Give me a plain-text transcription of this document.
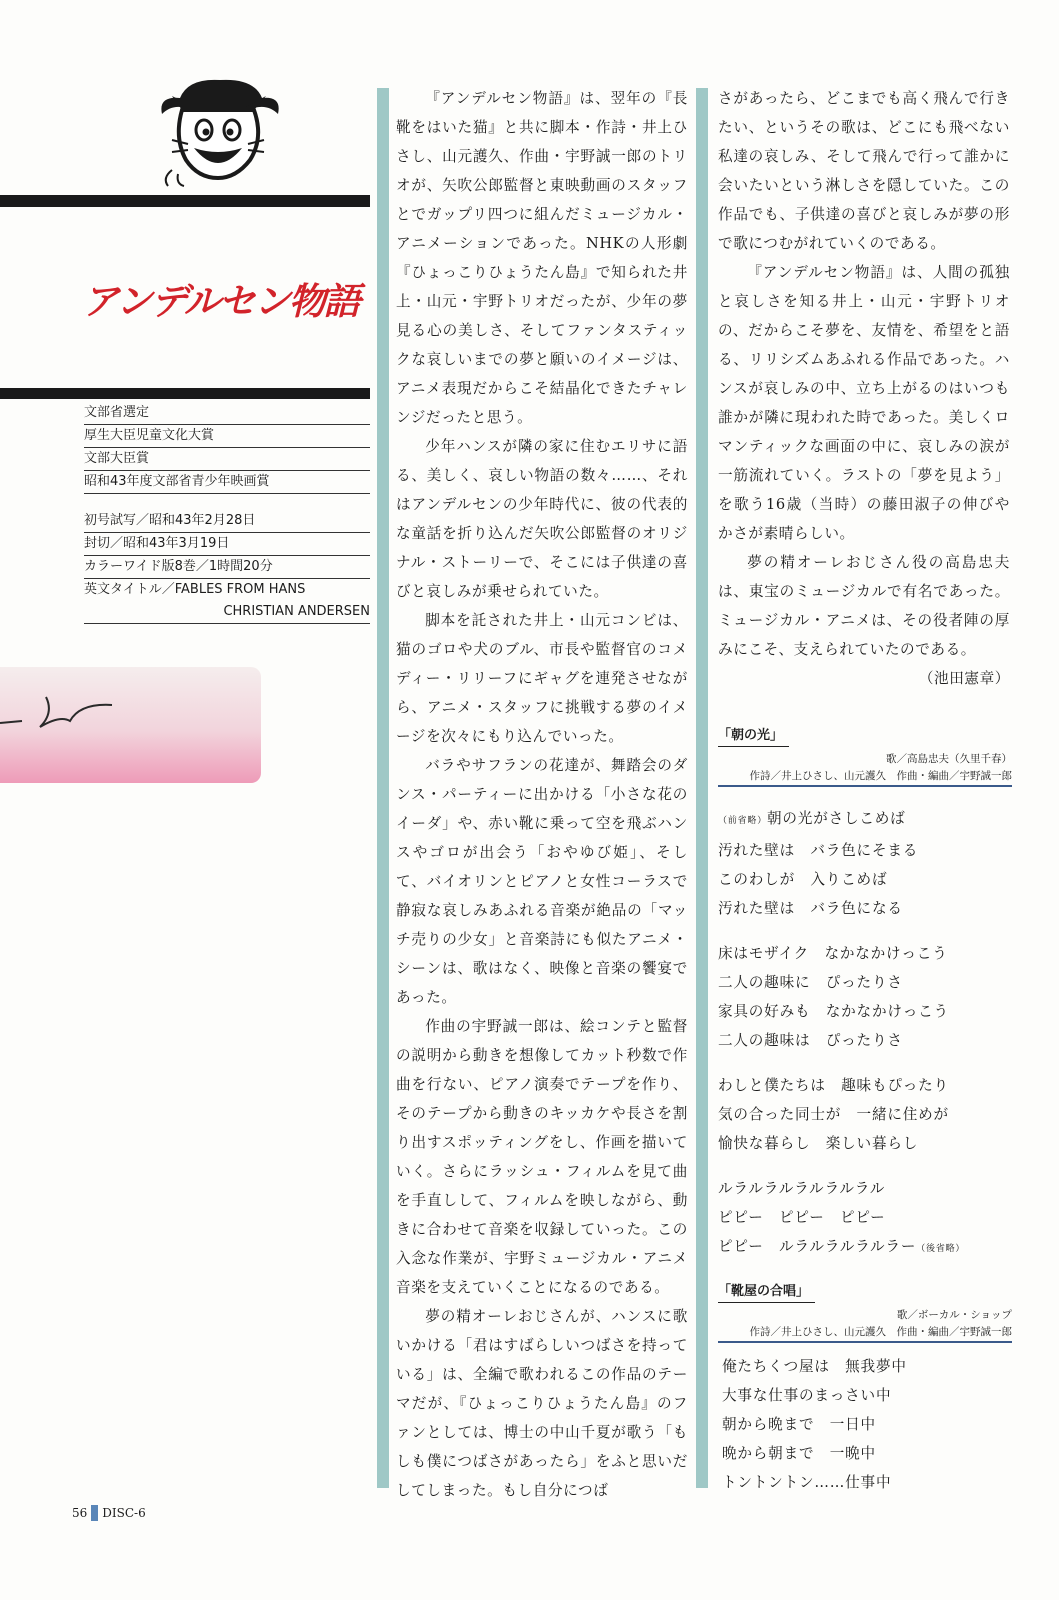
アンデルセン物語
文部省選定
厚生大臣児童文化大賞
文部大臣賞
昭和43年度文部省青少年映画賞
初号試写／昭和43年2月28日
封切／昭和43年3月19日
カラーワイド版8巻／1時間20分
英文タイトル／FABLES FROM HANS
CHRISTIAN ANDERSEN

『アンデルセン物語』は、翌年の『長靴をはいた猫』と共に脚本・作詩・井上ひさし、山元護久、作曲・宇野誠一郎のトリオが、矢吹公郎監督と東映動画のスタッフとでガップリ四つに組んだミュージカル・アニメーションであった。NHKの人形劇『ひょっこりひょうたん島』で知られた井上・山元・宇野トリオだったが、少年の夢見る心の美しさ、そしてファンタスティックな哀しいまでの夢と願いのイメージは、アニメ表現だからこそ結晶化できたチャレンジだったと思う。

少年ハンスが隣の家に住むエリサに語る、美しく、哀しい物語の数々……、それはアンデルセンの少年時代に、彼の代表的な童話を折り込んだ矢吹公郎監督のオリジナル・ストーリーで、そこには子供達の喜びと哀しみが乗せられていた。

脚本を託された井上・山元コンビは、猫のゴロや犬のブル、市長や監督官のコメディー・リリーフにギャグを連発させながら、アニメ・スタッフに挑戦する夢のイメージを次々にもり込んでいった。

バラやサフランの花達が、舞踏会のダンス・パーティーに出かける「小さな花のイーダ」や、赤い靴に乗って空を飛ぶハンスやゴロが出会う「おやゆび姫」、そして、バイオリンとピアノと女性コーラスで静寂な哀しみあふれる音楽が絶品の「マッチ売りの少女」と音楽詩にも似たアニメ・シーンは、歌はなく、映像と音楽の饗宴であった。

作曲の宇野誠一郎は、絵コンテと監督の説明から動きを想像してカット秒数で作曲を行ない、ピアノ演奏でテープを作り、そのテープから動きのキッカケや長さを割り出すスポッティングをし、作画を描いていく。さらにラッシュ・フィルムを見て曲を手直しして、フィルムを映しながら、動きに合わせて音楽を収録していった。この入念な作業が、宇野ミュージカル・アニメ音楽を支えていくことになるのである。

夢の精オーレおじさんが、ハンスに歌いかける「君はすばらしいつばさを持っている」は、全編で歌われるこの作品のテーマだが、『ひょっこりひょうたん島』のファンとしては、博士の中山千夏が歌う「もしも僕につばさがあったら」をふと思いだしてしまった。もし自分につば

さがあったら、どこまでも高く飛んで行きたい、というその歌は、どこにも飛べない私達の哀しみ、そして飛んで行って誰かに会いたいという淋しさを隠していた。この作品でも、子供達の喜びと哀しみが夢の形で歌につむがれていくのである。

『アンデルセン物語』は、人間の孤独と哀しさを知る井上・山元・宇野トリオの、だからこそ夢を、友情を、希望をと語る、リリシズムあふれる作品であった。ハンスが哀しみの中、立ち上がるのはいつも誰かが隣に現われた時であった。美しくロマンティックな画面の中に、哀しみの涙が一筋流れていく。ラストの「夢を見よう」を歌う16歳（当時）の藤田淑子の伸びやかさが素晴らしい。

夢の精オーレおじさん役の高島忠夫は、東宝のミュージカルで有名であった。ミュージカル・アニメは、その役者陣の厚みにこそ、支えられていたのである。

（池田憲章）

「朝の光」
歌／高島忠夫（久里千春）
作詩／井上ひさし、山元護久　作曲・編曲／宇野誠一郎
（前省略）朝の光がさしこめば
汚れた壁は　バラ色にそまる
このわしが　入りこめば
汚れた壁は　バラ色になる
床はモザイク　なかなかけっこう
二人の趣味に　ぴったりさ
家具の好みも　なかなかけっこう
二人の趣味は　ぴったりさ
わしと僕たちは　趣味もぴったり
気の合った同士が　一緒に住めが
愉快な暮らし　楽しい暮らし
ルラルラルラルラルラル
ピピー　ピピー　ピピー
ピピー　ルラルラルラルラー（後省略）
「靴屋の合唱」
歌／ボーカル・ショップ
作詩／井上ひさし、山元護久　作曲・編曲／宇野誠一郎
俺たちくつ屋は　無我夢中
大事な仕事のまっさい中
朝から晩まで　一日中
晩から朝まで　一晩中
トントントン……仕事中
56 DISC-6
